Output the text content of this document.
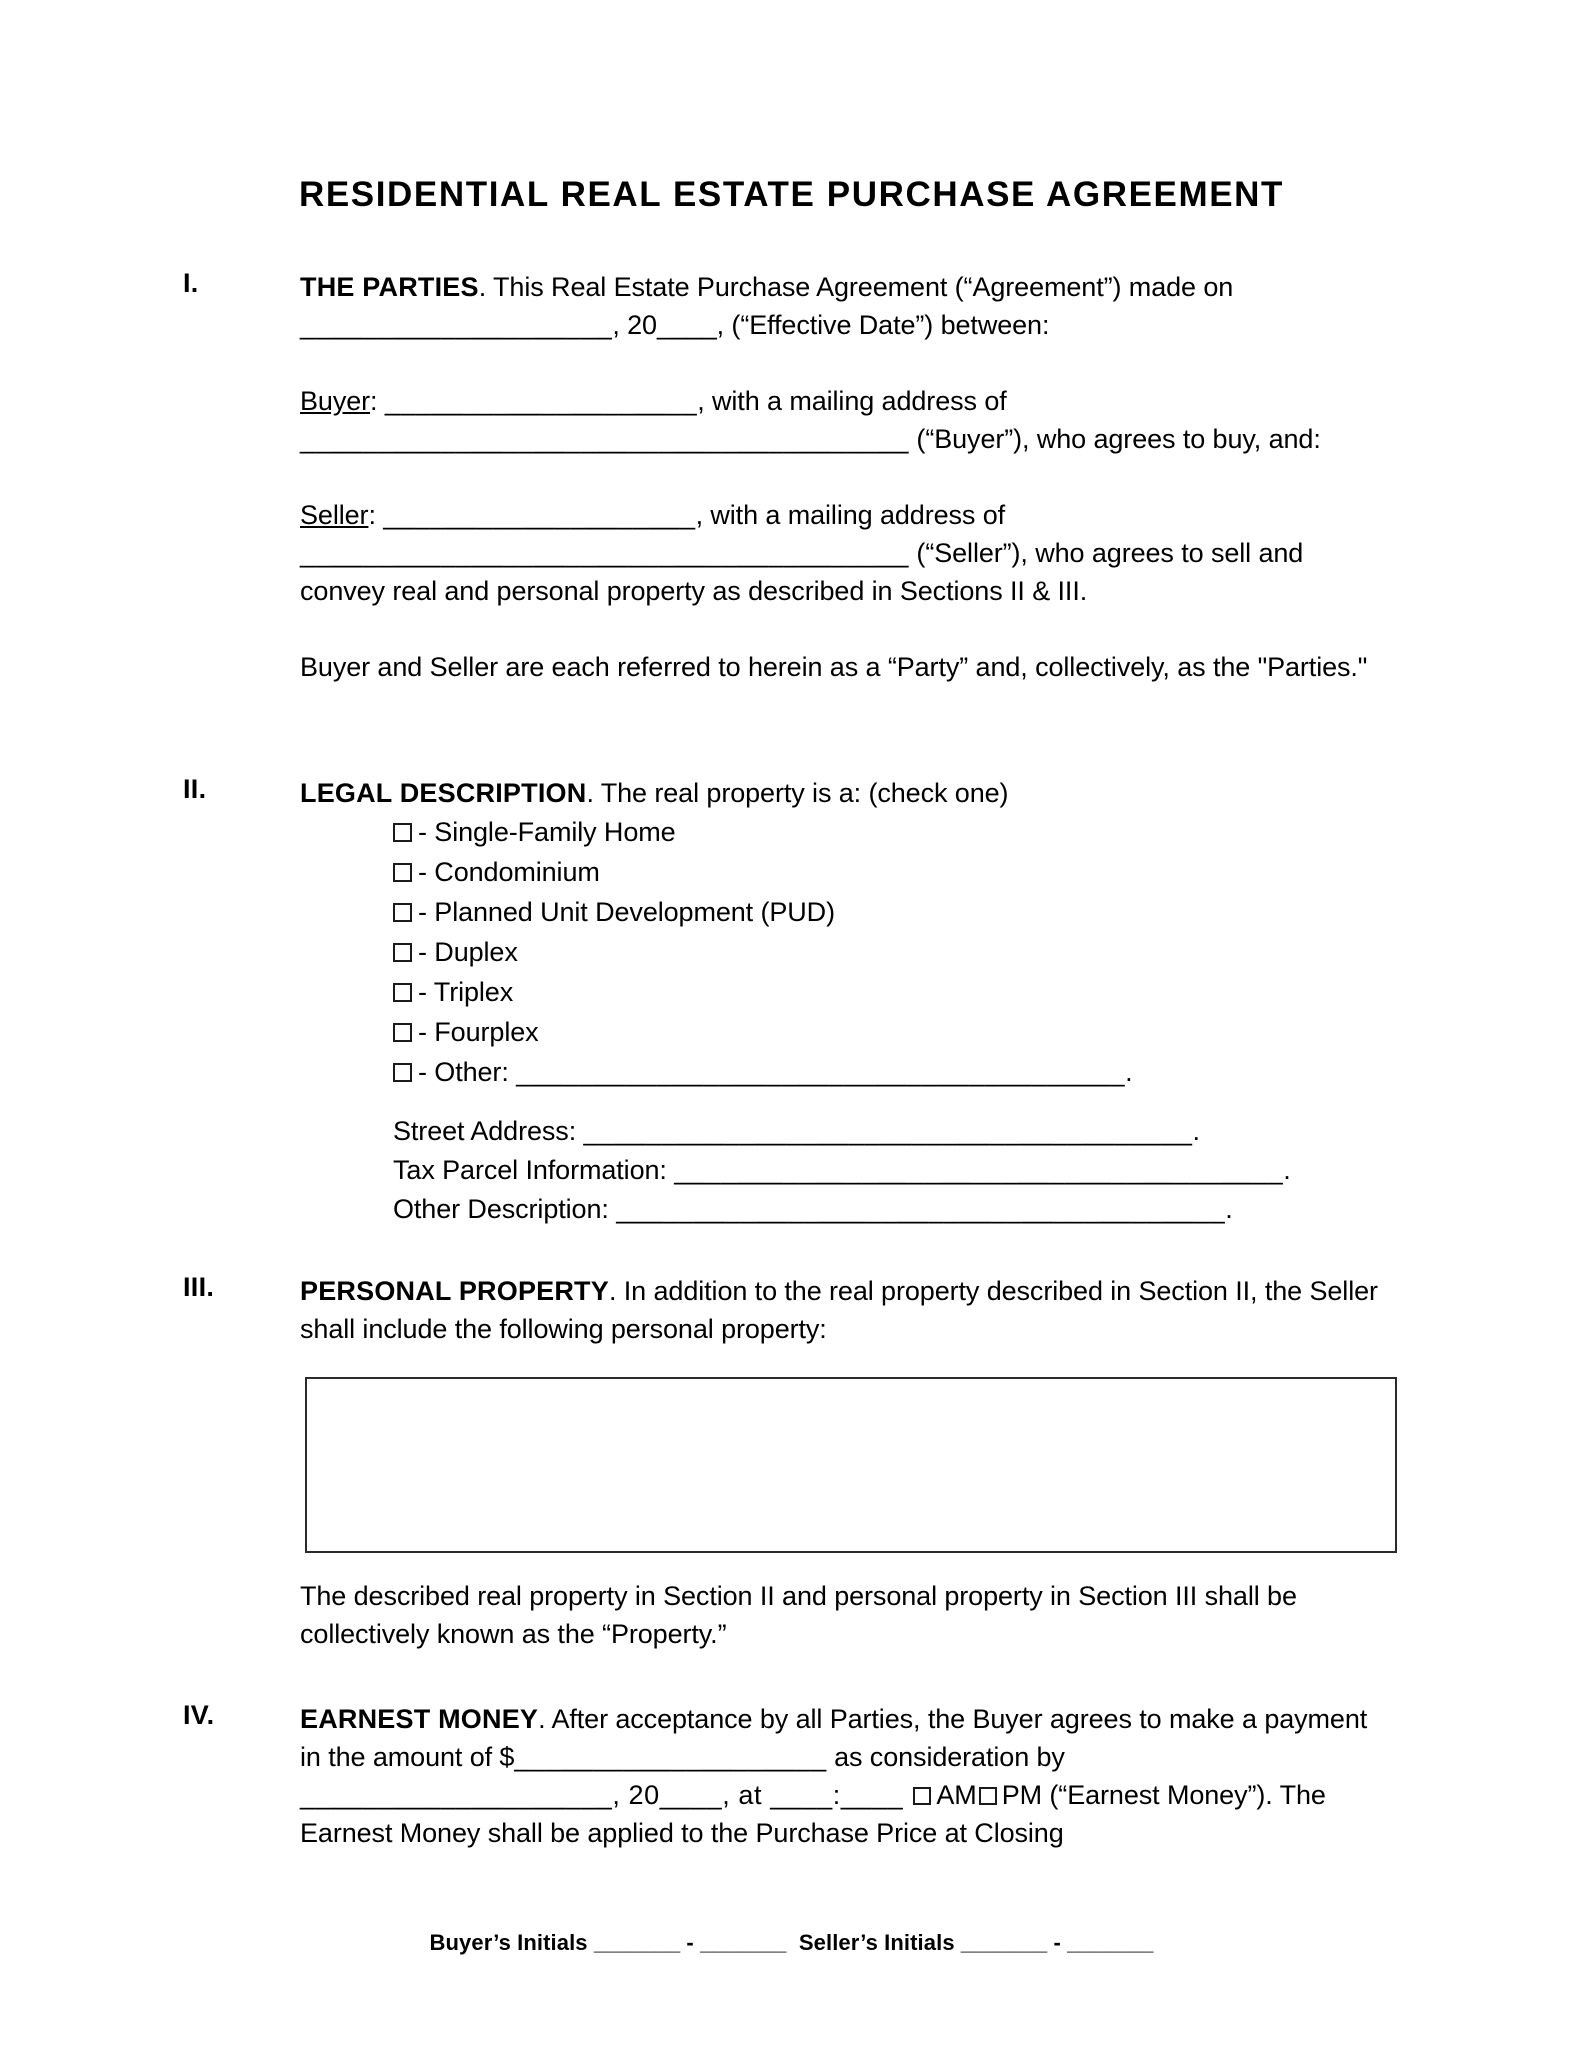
RESIDENTIAL REAL ESTATE PURCHASE AGREEMENT
I.	THE PARTIES. This Real Estate Purchase Agreement (“Agreement”) made on ____________________, 20____, (“Effective Date”) between:

Buyer: ____________________, with a mailing address of _______________________________________ (“Buyer”), who agrees to buy, and:

Seller: ____________________, with a mailing address of _______________________________________ (“Seller”), who agrees to sell and convey real and personal property as described in Sections II & III.

Buyer and Seller are each referred to herein as a “Party” and, collectively, as the "Parties."

II.	LEGAL DESCRIPTION. The real property is a: (check one)

- Single-Family Home
- Condominium
- Planned Unit Development (PUD)
- Duplex
- Triplex
- Fourplex
- Other: _______________________________________.
Street Address: _______________________________________.
Tax Parcel Information: _______________________________________.
Other Description: _______________________________________.
III.	PERSONAL PROPERTY. In addition to the real property described in Section II, the Seller shall include the following personal property:

The described real property in Section II and personal property in Section III shall be collectively known as the “Property.”

IV.	EARNEST MONEY. After acceptance by all Parties, the Buyer agrees to make a payment in the amount of $____________________ as consideration by ____________________, 20____, at ____:____ AM PM (“Earnest Money”). The Earnest Money shall be applied to the Purchase Price at Closing

Buyer’s Initials _______ - _______ Seller’s Initials _______ - _______
